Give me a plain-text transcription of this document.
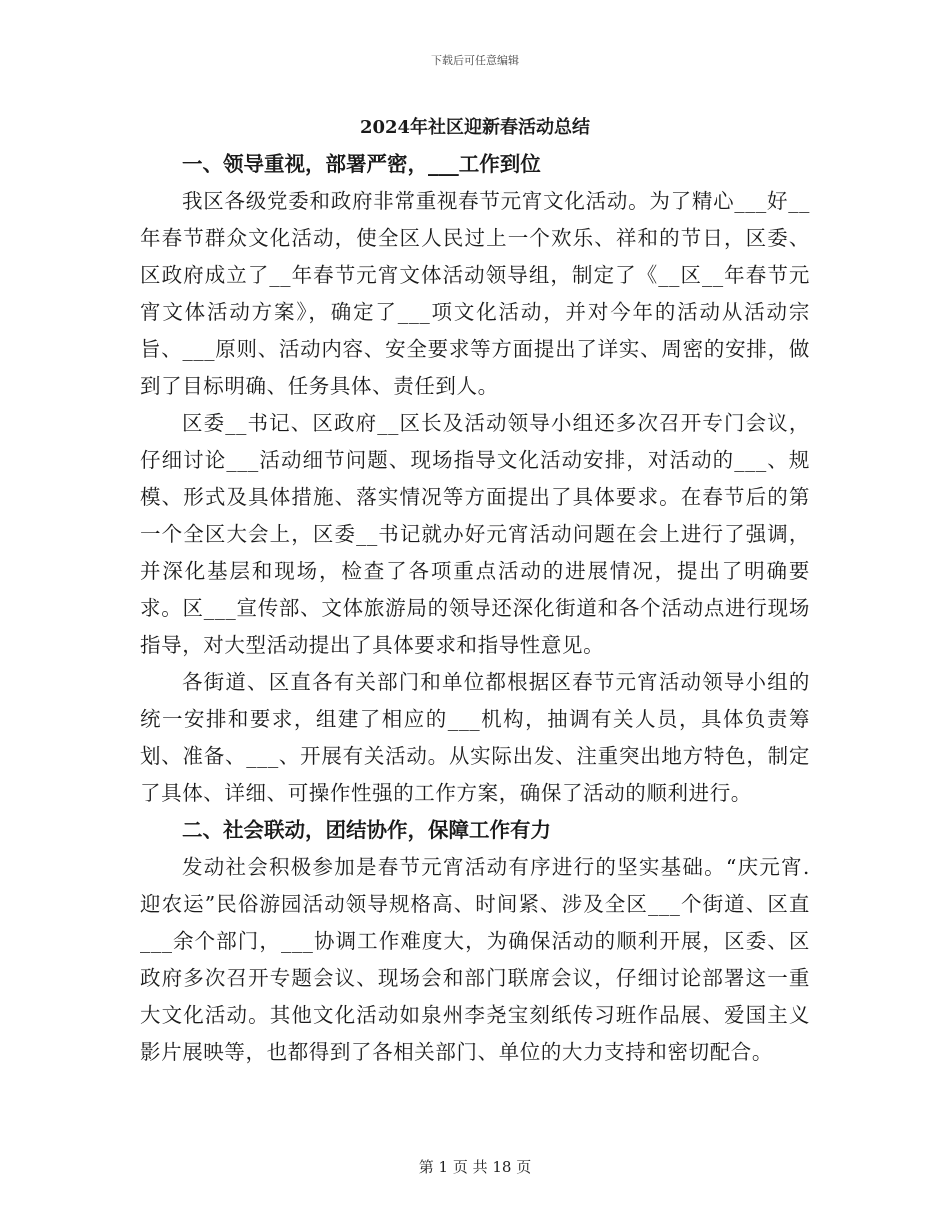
下载后可任意编辑
2024年社区迎新春活动总结
一、领导重视，部署严密，___工作到位

我区各级党委和政府非常重视春节元宵文化活动。为了精心___好__年春节群众文化活动，使全区人民过上一个欢乐、祥和的节日，区委、区政府成立了__年春节元宵文体活动领导组，制定了《__区__年春节元宵文体活动方案》，确定了___项文化活动，并对今年的活动从活动宗旨、___原则、活动内容、安全要求等方面提出了详实、周密的安排，做到了目标明确、任务具体、责任到人。

区委__书记、区政府__区长及活动领导小组还多次召开专门会议，仔细讨论___活动细节问题、现场指导文化活动安排，对活动的___、规模、形式及具体措施、落实情况等方面提出了具体要求。在春节后的第一个全区大会上，区委__书记就办好元宵活动问题在会上进行了强调，并深化基层和现场，检查了各项重点活动的进展情况，提出了明确要求。区___宣传部、文体旅游局的领导还深化街道和各个活动点进行现场指导，对大型活动提出了具体要求和指导性意见。

各街道、区直各有关部门和单位都根据区春节元宵活动领导小组的统一安排和要求，组建了相应的___机构，抽调有关人员，具体负责筹划、准备、___、开展有关活动。从实际出发、注重突出地方特色，制定了具体、详细、可操作性强的工作方案，确保了活动的顺利进行。

二、社会联动，团结协作，保障工作有力

发动社会积极参加是春节元宵活动有序进行的坚实基础。“庆元宵.迎农运”民俗游园活动领导规格高、时间紧、涉及全区___个街道、区直___余个部门，___协调工作难度大，为确保活动的顺利开展，区委、区政府多次召开专题会议、现场会和部门联席会议，仔细讨论部署这一重大文化活动。其他文化活动如泉州李尧宝刻纸传习班作品展、爱国主义影片展映等，也都得到了各相关部门、单位的大力支持和密切配合。

第 1 页 共 18 页
